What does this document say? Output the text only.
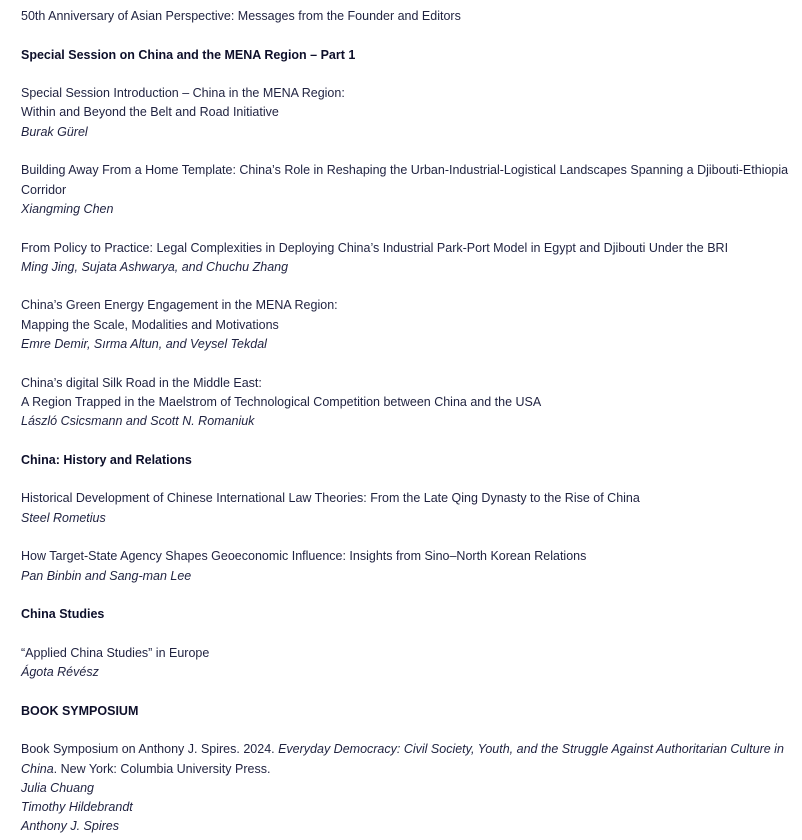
50th Anniversary of Asian Perspective: Messages from the Founder and Editors

Special Session on China and the MENA Region – Part 1

Special Session Introduction – China in the MENA Region:
Within and Beyond the Belt and Road Initiative

Burak Gürel

Building Away From a Home Template: China’s Role in Reshaping the Urban-Industrial-Logistical Landscapes Spanning a Djibouti-Ethiopia Corridor

Xiangming Chen

From Policy to Practice: Legal Complexities in Deploying China’s Industrial Park-Port Model in Egypt and Djibouti Under the BRI

Ming Jing, Sujata Ashwarya, and Chuchu Zhang

China’s Green Energy Engagement in the MENA Region:
Mapping the Scale, Modalities and Motivations

Emre Demir, Sırma Altun, and Veysel Tekdal

China’s digital Silk Road in the Middle East:
A Region Trapped in the Maelstrom of Technological Competition between China and the USA

László Csicsmann and Scott N. Romaniuk

China: History and Relations

Historical Development of Chinese International Law Theories: From the Late Qing Dynasty to the Rise of China

Steel Rometius

How Target-State Agency Shapes Geoeconomic Influence: Insights from Sino–North Korean Relations

Pan Binbin and Sang-man Lee

China Studies

“Applied China Studies” in Europe

Ágota Révész

BOOK SYMPOSIUM

Book Symposium on Anthony J. Spires. 2024. Everyday Democracy: Civil Society, Youth, and the Struggle Against Authoritarian Culture in China. New York: Columbia University Press.

Julia Chuang

Timothy Hildebrandt

Anthony J. Spires
